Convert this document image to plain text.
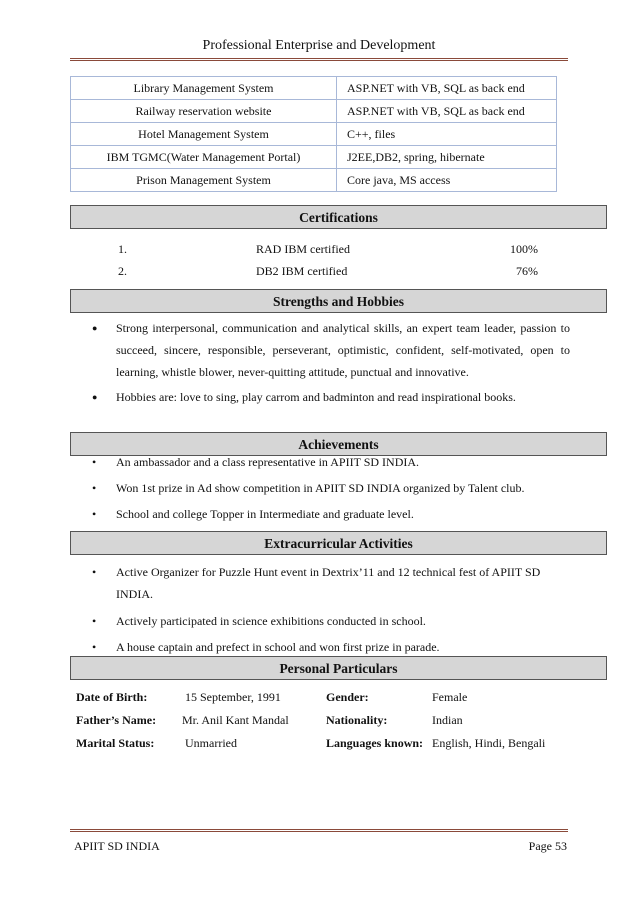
Professional Enterprise and Development
Library Management System	ASP.NET with VB, SQL as back end
Railway reservation website	ASP.NET with VB, SQL as back end
Hotel Management System	C++, files
IBM TGMC(Water Management Portal)	J2EE,DB2, spring, hibernate
Prison Management System	Core java, MS access
Certifications
1.	RAD IBM certified	100%
2.	DB2 IBM certified	76%
Strengths and Hobbies
● Strong interpersonal, communication and analytical skills, an expert team leader, passion to succeed, sincere, responsible, perseverant, optimistic, confident, self-motivated, open to learning, whistle blower, never-quitting attitude, punctual and innovative.
● Hobbies are: love to sing, play carrom and badminton and read inspirational books.
Achievements
• An ambassador and a class representative in APIIT SD INDIA.
• Won 1st prize in Ad show competition in APIIT SD INDIA organized by Talent club.
• School and college Topper in Intermediate and graduate level.
Extracurricular Activities
• Active Organizer for Puzzle Hunt event in Dextrix’11 and 12 technical fest of APIIT SD INDIA.
• Actively participated in science exhibitions conducted in school.
• A house captain and prefect in school and won first prize in parade.
Personal Particulars
Date of Birth:	15 September, 1991	Gender:	Female
Father’s Name: Mr. Anil Kant Mandal	Nationality:	Indian
Marital Status:	Unmarried	Languages known: English, Hindi, Bengali
APIIT SD INDIA	Page 53
